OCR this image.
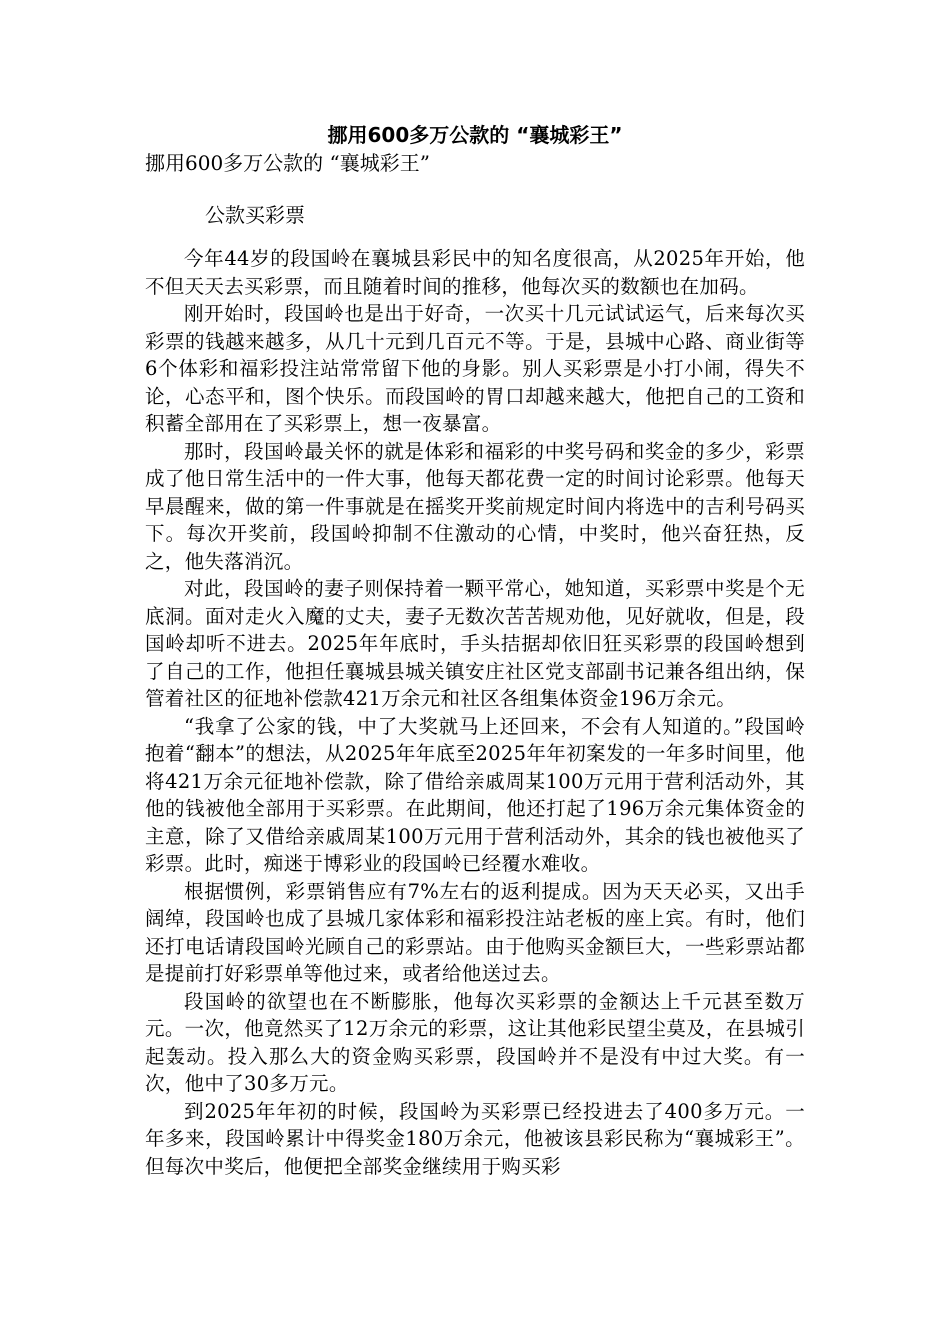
挪用600多万公款的 “襄城彩王”

挪用600多万公款的 “襄城彩王”

公款买彩票

今年44岁的段国岭在襄城县彩民中的知名度很高，从2025年开始，他不但天天去买彩票，而且随着时间的推移，他每次买的数额也在加码。

刚开始时，段国岭也是出于好奇，一次买十几元试试运气，后来每次买彩票的钱越来越多，从几十元到几百元不等。于是，县城中心路、商业街等6个体彩和福彩投注站常常留下他的身影。别人买彩票是小打小闹，得失不论，心态平和，图个快乐。而段国岭的胃口却越来越大，他把自己的工资和积蓄全部用在了买彩票上，想一夜暴富。

那时，段国岭最关怀的就是体彩和福彩的中奖号码和奖金的多少，彩票成了他日常生活中的一件大事，他每天都花费一定的时间讨论彩票。他每天早晨醒来，做的第一件事就是在摇奖开奖前规定时间内将选中的吉利号码买下。每次开奖前，段国岭抑制不住激动的心情，中奖时，他兴奋狂热，反之，他失落消沉。

对此，段国岭的妻子则保持着一颗平常心，她知道，买彩票中奖是个无底洞。面对走火入魔的丈夫，妻子无数次苦苦规劝他，见好就收，但是，段国岭却听不进去。2025年年底时，手头拮据却依旧狂买彩票的段国岭想到了自己的工作，他担任襄城县城关镇安庄社区党支部副书记兼各组出纳，保管着社区的征地补偿款421万余元和社区各组集体资金196万余元。

“我拿了公家的钱，中了大奖就马上还回来，不会有人知道的。”段国岭抱着“翻本”的想法，从2025年年底至2025年年初案发的一年多时间里，他将421万余元征地补偿款，除了借给亲戚周某100万元用于营利活动外，其他的钱被他全部用于买彩票。在此期间，他还打起了196万余元集体资金的主意，除了又借给亲戚周某100万元用于营利活动外，其余的钱也被他买了彩票。此时，痴迷于博彩业的段国岭已经覆水难收。

根据惯例，彩票销售应有7%左右的返利提成。因为天天必买，又出手阔绰，段国岭也成了县城几家体彩和福彩投注站老板的座上宾。有时，他们还打电话请段国岭光顾自己的彩票站。由于他购买金额巨大，一些彩票站都是提前打好彩票单等他过来，或者给他送过去。

段国岭的欲望也在不断膨胀，他每次买彩票的金额达上千元甚至数万元。一次，他竟然买了12万余元的彩票，这让其他彩民望尘莫及，在县城引起轰动。投入那么大的资金购买彩票，段国岭并不是没有中过大奖。有一次，他中了30多万元。

到2025年年初的时候，段国岭为买彩票已经投进去了400多万元。一年多来，段国岭累计中得奖金180万余元，他被该县彩民称为“襄城彩王”。但每次中奖后，他便把全部奖金继续用于购买彩
